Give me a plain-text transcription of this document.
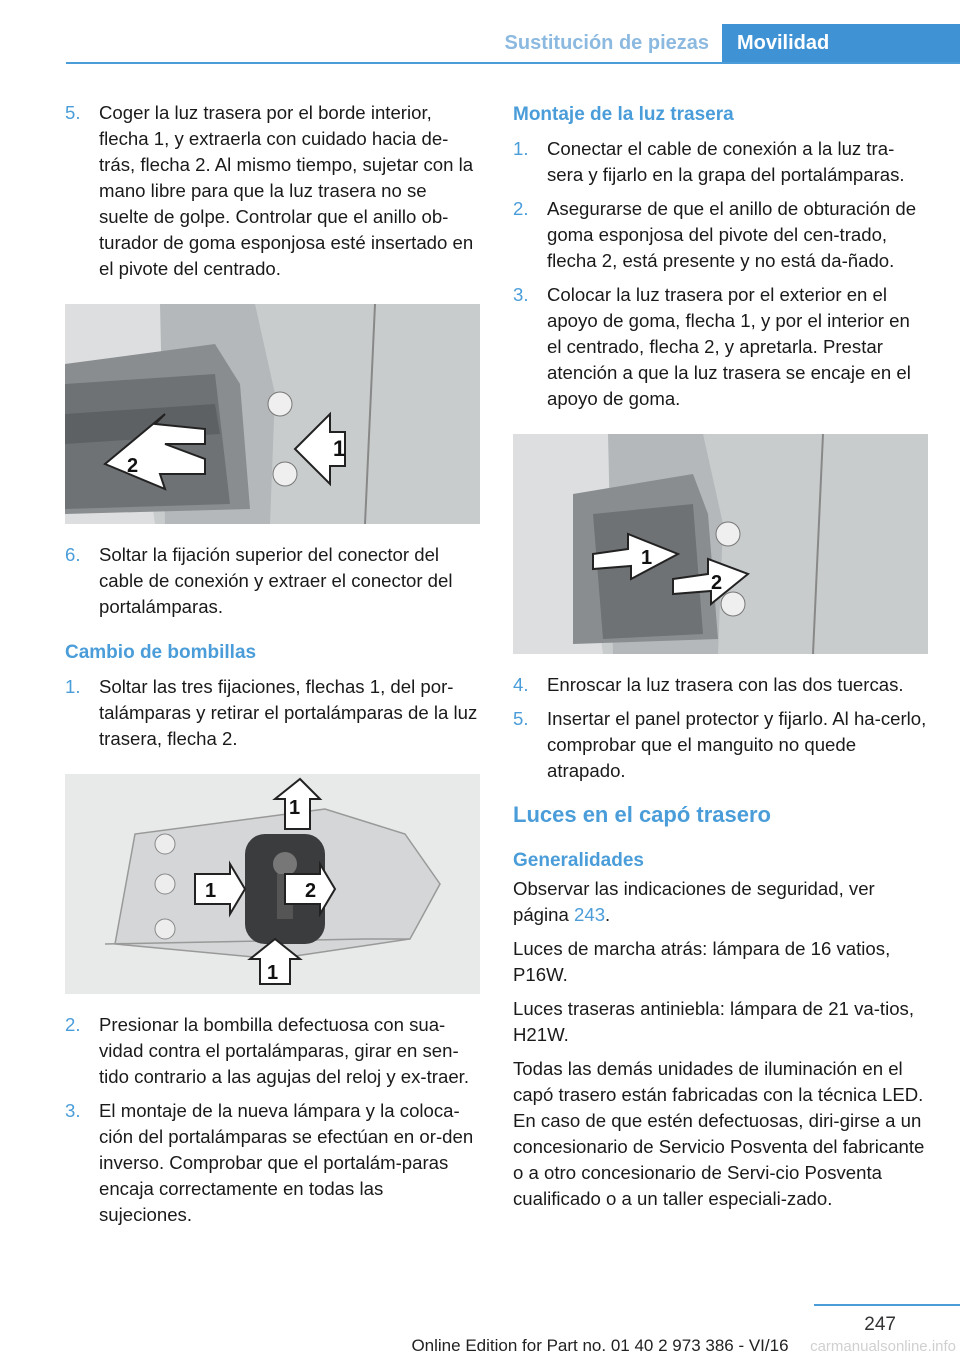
Sustitución de piezas	Movilidad
5. Coger la luz trasera por el borde interior, flecha 1, y extraerla con cuidado hacia de‐trás, flecha 2. Al mismo tiempo, sujetar con la mano libre para que la luz trasera no se suelte de golpe. Controlar que el anillo ob‐turador de goma esponjosa esté insertado en el pivote del centrado.
1
2
6. Soltar la fijación superior del conector del cable de conexión y extraer el conector del portalámparas.
Cambio de bombillas
1. Soltar las tres fijaciones, flechas 1, del por‐talámparas y retirar el portalámparas de la luz trasera, flecha 2.
1
1	2
1
2. Presionar la bombilla defectuosa con sua‐vidad contra el portalámparas, girar en sen‐tido contrario a las agujas del reloj y ex‐traer.
3. El montaje de la nueva lámpara y la coloca‐ción del portalámparas se efectúan en or‐den inverso. Comprobar que el portalám‐paras encaja correctamente en todas las sujeciones.
Montaje de la luz trasera
1. Conectar el cable de conexión a la luz tra‐sera y fijarlo en la grapa del portalámparas.
2. Asegurarse de que el anillo de obturación de goma esponjosa del pivote del cen‐trado, flecha 2, está presente y no está da‐ñado.
3. Colocar la luz trasera por el exterior en el apoyo de goma, flecha 1, y por el interior en el centrado, flecha 2, y apretarla. Prestar atención a que la luz trasera se encaje en el apoyo de goma.
1
2
4. Enroscar la luz trasera con las dos tuercas.
5. Insertar el panel protector y fijarlo. Al ha‐cerlo, comprobar que el manguito no quede atrapado.
Luces en el capó trasero
Generalidades
Observar las indicaciones de seguridad, ver página 243.
Luces de marcha atrás: lámpara de 16 vatios, P16W.
Luces traseras antiniebla: lámpara de 21 va‐tios, H21W.
Todas las demás unidades de iluminación en el capó trasero están fabricadas con la técnica LED. En caso de que estén defectuosas, diri‐girse a un concesionario de Servicio Posventa del fabricante o a otro concesionario de Servi‐cio Posventa cualificado o a un taller especiali‐zado.
247
Online Edition for Part no. 01 40 2 973 386 - VI/16	carmanualsonline.info
